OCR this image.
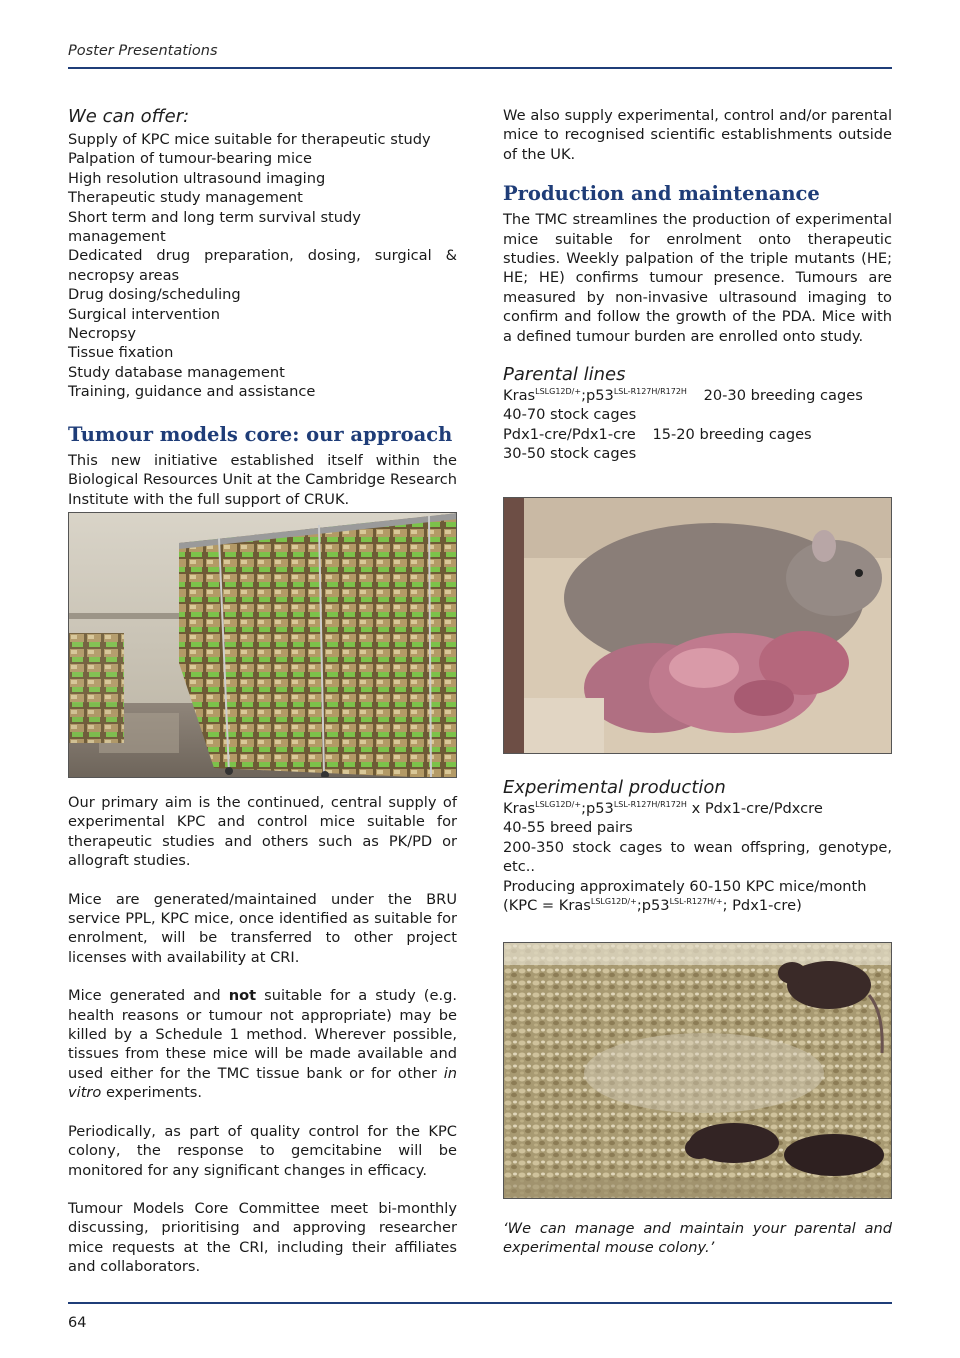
Poster Presentations
We can offer:
Supply of KPC mice suitable for therapeutic study
Palpation of tumour-bearing mice
High resolution ultrasound imaging
Therapeutic study management
Short term and long term survival study management
Dedicated drug preparation, dosing, surgical & necropsy areas
Drug dosing/scheduling
Surgical intervention
Necropsy
Tissue fixation
Study database management
Training, guidance and assistance
Tumour models core: our approach

This new initiative established itself within the Biological Resources Unit at the Cambridge Research Institute with the full support of CRUK.

We also supply experimental, control and/or parental mice to recognised scientific establishments outside of the UK.

Production and maintenance

The TMC streamlines the production of experimental mice suitable for enrolment onto therapeutic studies. Weekly palpation of the triple mutants (HE; HE; HE) confirms tumour presence. Tumours are measured by non-invasive ultrasound imaging to confirm and follow the growth of the PDA. Mice with a defined tumour burden are enrolled onto study.

Parental lines
$Kras^{LSLG12D/+};p53^{LSL-R127H/R172H}$ 20-30 breeding cages
40-70 stock cages
Pdx1-cre/Pdx1-cre 15-20 breeding cages
30-50 stock cages

Our primary aim is the continued, central supply of experimental KPC and control mice suitable for therapeutic studies and others such as PK/PD or allograft studies.

Mice are generated/maintained under the BRU service PPL, KPC mice, once identified as suitable for enrolment, will be transferred to other project licenses with availability at CRI.

Mice generated and not suitable for a study (e.g. health reasons or tumour not appropriate) may be killed by a Schedule 1 method. Wherever possible, tissues from these mice will be made available and used either for the TMC tissue bank or for other in vitro experiments.

Periodically, as part of quality control for the KPC colony, the response to gemcitabine will be monitored for any significant changes in efficacy.

Tumour Models Core Committee meet bi-monthly discussing, prioritising and approving researcher mice requests at the CRI, including their affiliates and collaborators.

Experimental production
$Kras^{LSLG12D/+};p53^{LSL-R127H/R172H}$ x Pdx1-cre/Pdxcre
40-55 breed pairs
200-350 stock cages to wean offspring, genotype, etc..
Producing approximately 60-150 KPC mice/month
($KPC = Kras^{LSLG12D/+};p53^{LSL-R127H/+}$; Pdx1-cre)

‘We can manage and maintain your parental and experimental mouse colony.’

64
